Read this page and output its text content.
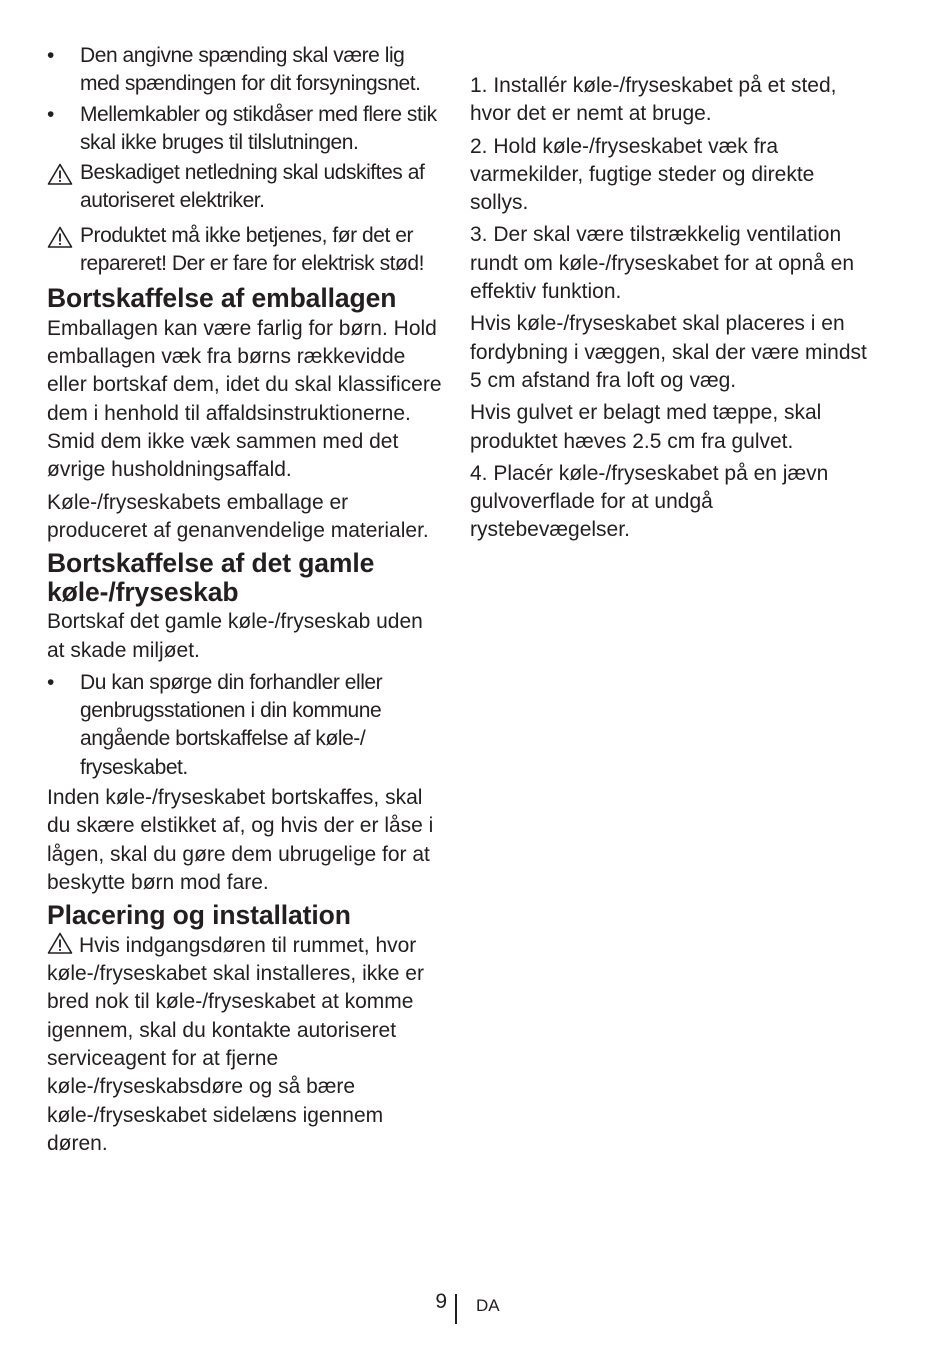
•	Den angivne spænding skal være lig med spændingen for dit forsyningsnet.
•	Mellemkabler og stikdåser med flere stik skal ikke bruges til tilslutningen.
Beskadiget netledning skal udskiftes af autoriseret elektriker.
Produktet må ikke betjenes, før det er repareret! Der er fare for elektrisk stød!
Bortskaffelse af emballagen

Emballagen kan være farlig for børn. Hold emballagen væk fra børns rækkevidde eller bortskaf dem, idet du skal klassificere dem i henhold til affaldsinstruktionerne. Smid dem ikke væk sammen med det øvrige husholdningsaffald.

Køle-/fryseskabets emballage er produceret af genanvendelige materialer.

Bortskaffelse af det gamle
køle-/fryseskab

Bortskaf det gamle køle-/fryseskab uden at skade miljøet.

•	Du kan spørge din forhandler eller genbrugsstationen i din kommune angående bortskaffelse af køle-/ fryseskabet.

Inden køle-/fryseskabet bortskaffes, skal du skære elstikket af, og hvis der er låse i lågen, skal du gøre dem ubrugelige for at beskytte børn mod fare.

Placering og installation

Hvis indgangsdøren til rummet, hvor køle-/fryseskabet skal installeres, ikke er bred nok til køle-/fryseskabet at komme igennem, skal du kontakte autoriseret serviceagent for at fjerne køle-/fryseskabsdøre og så bære køle-/fryseskabet sidelæns igennem døren.

1. Installér køle-/fryseskabet på et sted, hvor det er nemt at bruge.

2. Hold køle-/fryseskabet væk fra varmekilder, fugtige steder og direkte sollys.

3. Der skal være tilstrækkelig ventilation rundt om køle-/fryseskabet for at opnå en effektiv funktion.

Hvis køle-/fryseskabet skal placeres i en fordybning i væggen, skal der være mindst 5 cm afstand fra loft og væg.

Hvis gulvet er belagt med tæppe, skal produktet hæves 2.5 cm fra gulvet.

4. Placér køle-/fryseskabet på en jævn gulvoverflade for at undgå rystebevægelser.

9 DA
